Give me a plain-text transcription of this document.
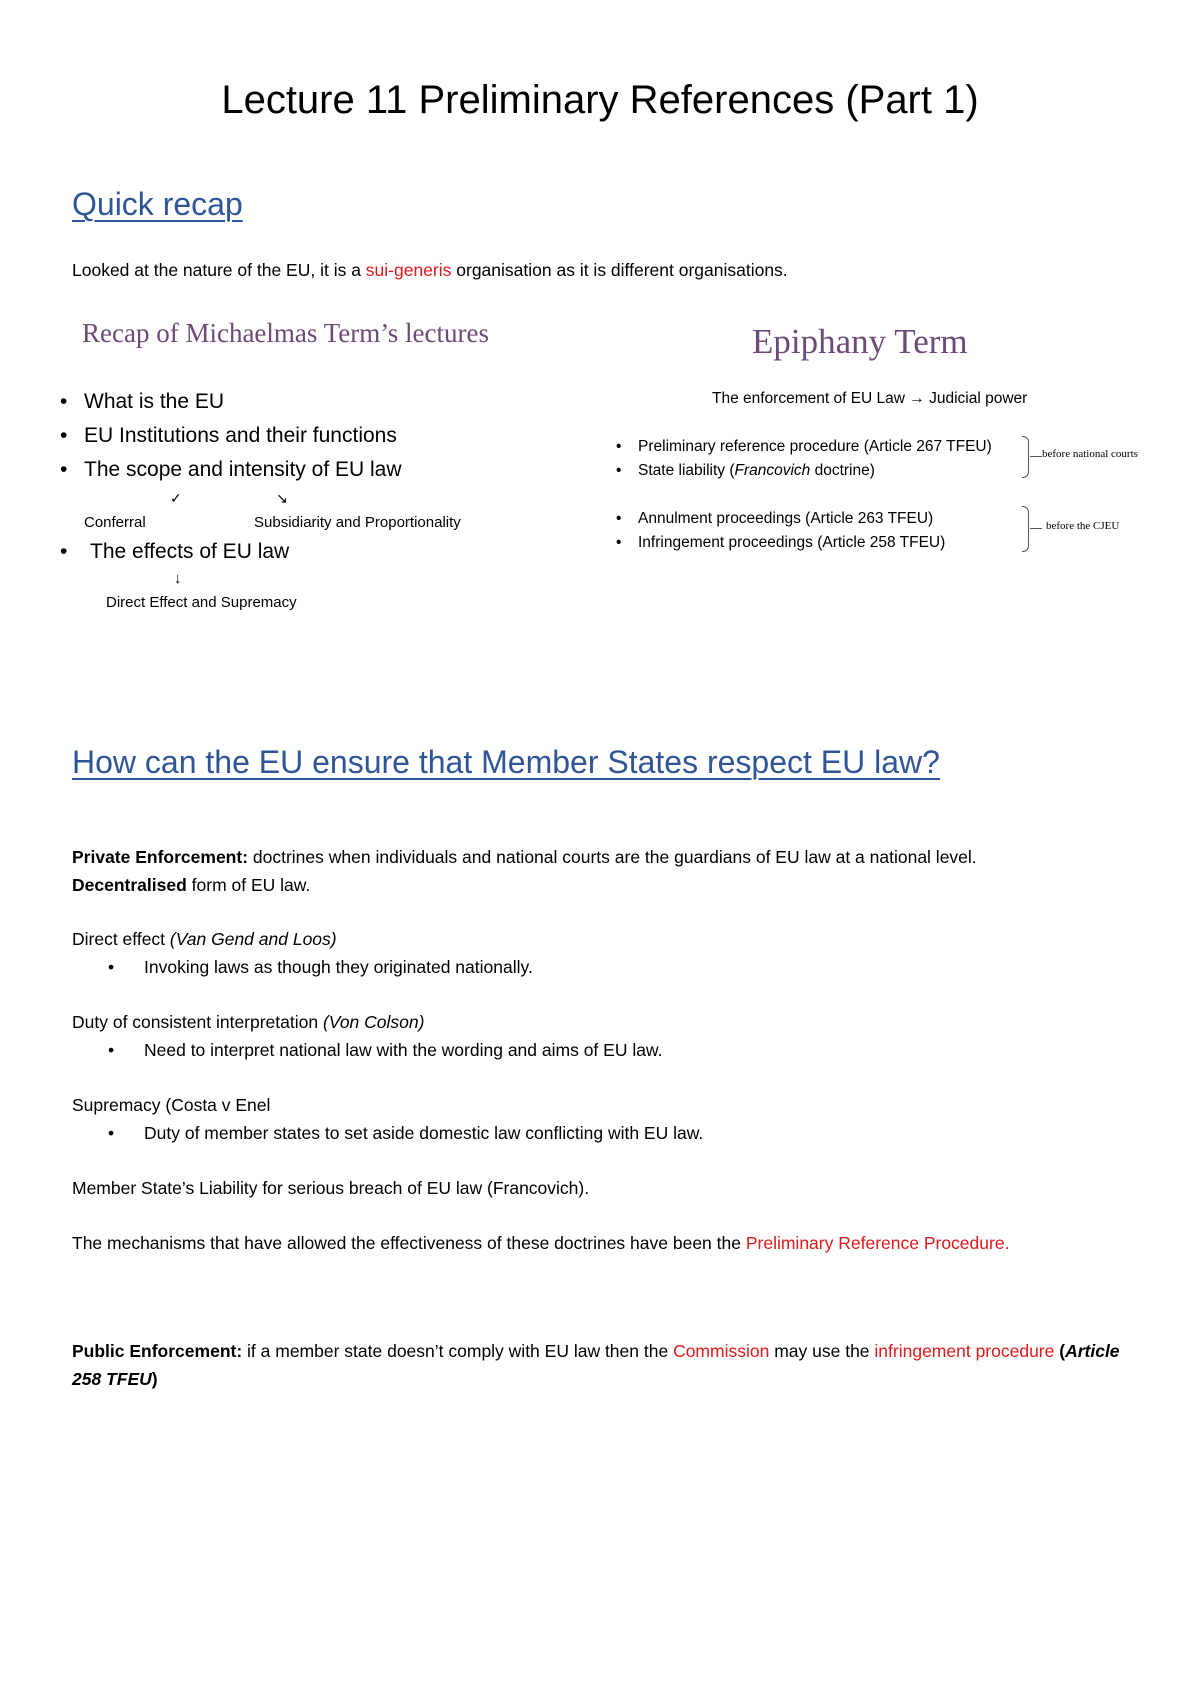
Lecture 11 Preliminary References (Part 1)
Quick recap

Looked at the nature of the EU, it is a sui-generis organisation as it is different organisations.

Recap of Michaelmas Term’s lectures
• What is the EU
• EU Institutions and their functions
• The scope and intensity of EU law
✓	↘
Conferral	Subsidiarity and Proportionality
• The effects of EU law
↓
Direct Effect and Supremacy
Epiphany Term
The enforcement of EU Law → Judicial power
• Preliminary reference procedure (Article 267 TFEU)
• State liability (Francovich doctrine)
before national courts
• Annulment proceedings (Article 263 TFEU)
• Infringement proceedings (Article 258 TFEU)
before the CJEU
How can the EU ensure that Member States respect EU law?

Private Enforcement: doctrines when individuals and national courts are the guardians of EU law at a national level.
Decentralised form of EU law.

Direct effect (Van Gend and Loos)

• Invoking laws as though they originated nationally.

Duty of consistent interpretation (Von Colson)

• Need to interpret national law with the wording and aims of EU law.

Supremacy (Costa v Enel

• Duty of member states to set aside domestic law conflicting with EU law.

Member State’s Liability for serious breach of EU law (Francovich).

The mechanisms that have allowed the effectiveness of these doctrines have been the Preliminary Reference Procedure.

Public Enforcement: if a member state doesn’t comply with EU law then the Commission may use the infringement procedure (Article 258 TFEU)
